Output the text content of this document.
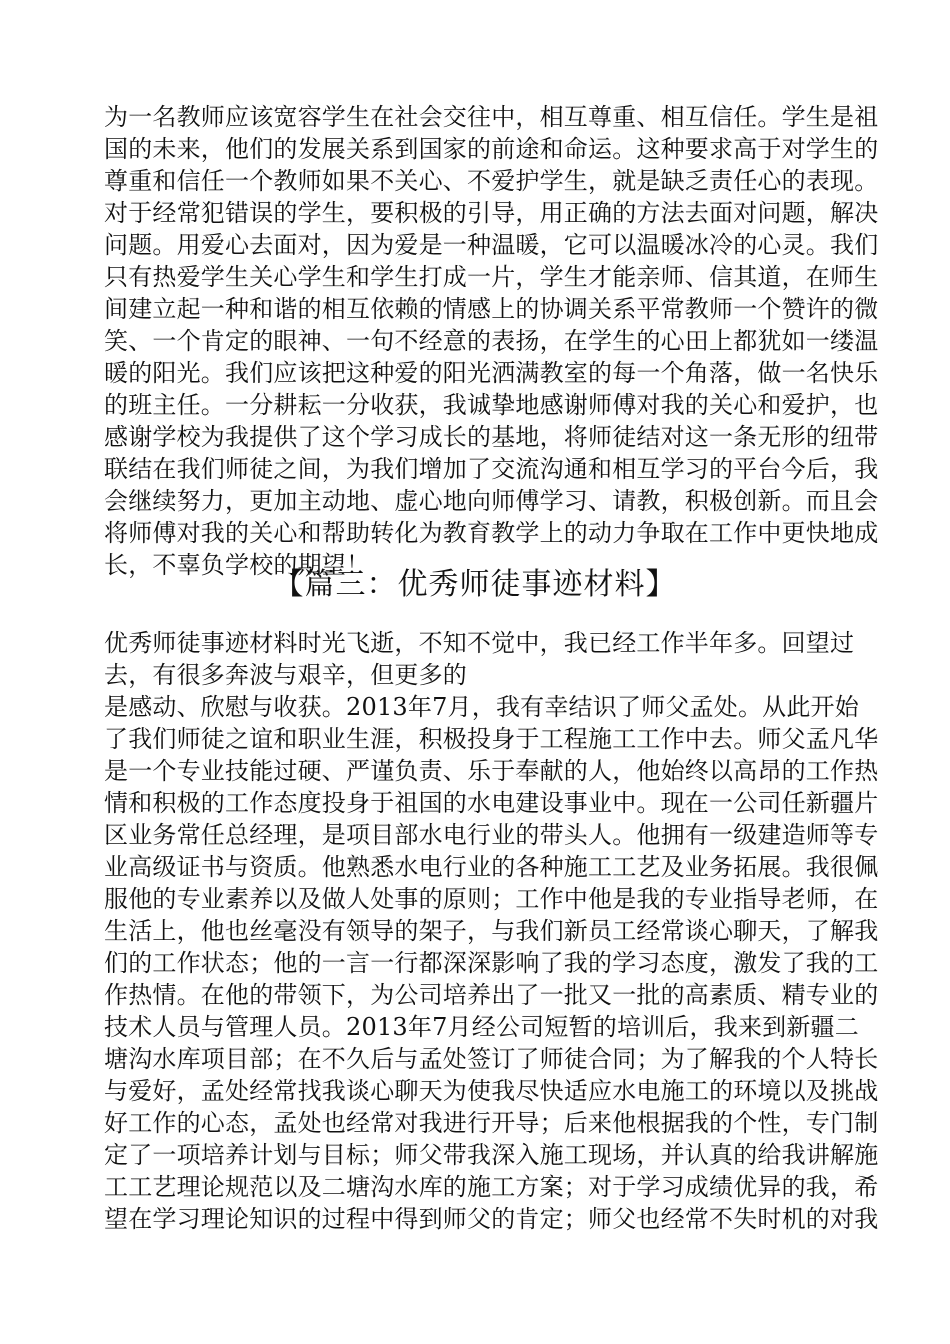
为一名教师应该宽容学生在社会交往中，相互尊重、相互信任。学生是祖
国的未来，他们的发展关系到国家的前途和命运。这种要求高于对学生的
尊重和信任一个教师如果不关心、不爱护学生，就是缺乏责任心的表现。
对于经常犯错误的学生，要积极的引导，用正确的方法去面对问题，解决
问题。用爱心去面对，因为爱是一种温暖，它可以温暖冰冷的心灵。我们
只有热爱学生关心学生和学生打成一片，学生才能亲师、信其道，在师生
间建立起一种和谐的相互依赖的情感上的协调关系平常教师一个赞许的微
笑、一个肯定的眼神、一句不经意的表扬，在学生的心田上都犹如一缕温
暖的阳光。我们应该把这种爱的阳光洒满教室的每一个角落，做一名快乐
的班主任。一分耕耘一分收获，我诚挚地感谢师傅对我的关心和爱护，也
感谢学校为我提供了这个学习成长的基地，将师徒结对这一条无形的纽带
联结在我们师徒之间，为我们增加了交流沟通和相互学习的平台今后，我
会继续努力，更加主动地、虚心地向师傅学习、请教，积极创新。而且会
将师傅对我的关心和帮助转化为教育教学上的动力争取在工作中更快地成
长，不辜负学校的期望！
【篇三：优秀师徒事迹材料】
优秀师徒事迹材料时光飞逝，不知不觉中，我已经工作半年多。回望过
去，有很多奔波与艰辛，但更多的
是感动、欣慰与收获。2013年7月，我有幸结识了师父孟处。从此开始
了我们师徒之谊和职业生涯，积极投身于工程施工工作中去。师父孟凡华
是一个专业技能过硬、严谨负责、乐于奉献的人，他始终以高昂的工作热
情和积极的工作态度投身于祖国的水电建设事业中。现在一公司任新疆片
区业务常任总经理，是项目部水电行业的带头人。他拥有一级建造师等专
业高级证书与资质。他熟悉水电行业的各种施工工艺及业务拓展。我很佩
服他的专业素养以及做人处事的原则；工作中他是我的专业指导老师，在
生活上，他也丝毫没有领导的架子，与我们新员工经常谈心聊天，了解我
们的工作状态；他的一言一行都深深影响了我的学习态度，激发了我的工
作热情。在他的带领下，为公司培养出了一批又一批的高素质、精专业的
技术人员与管理人员。2013年7月经公司短暂的培训后，我来到新疆二
塘沟水库项目部；在不久后与孟处签订了师徒合同；为了解我的个人特长
与爱好，孟处经常找我谈心聊天为使我尽快适应水电施工的环境以及挑战
好工作的心态，孟处也经常对我进行开导；后来他根据我的个性，专门制
定了一项培养计划与目标；师父带我深入施工现场，并认真的给我讲解施
工工艺理论规范以及二塘沟水库的施工方案；对于学习成绩优异的我，希
望在学习理论知识的过程中得到师父的肯定；师父也经常不失时机的对我
